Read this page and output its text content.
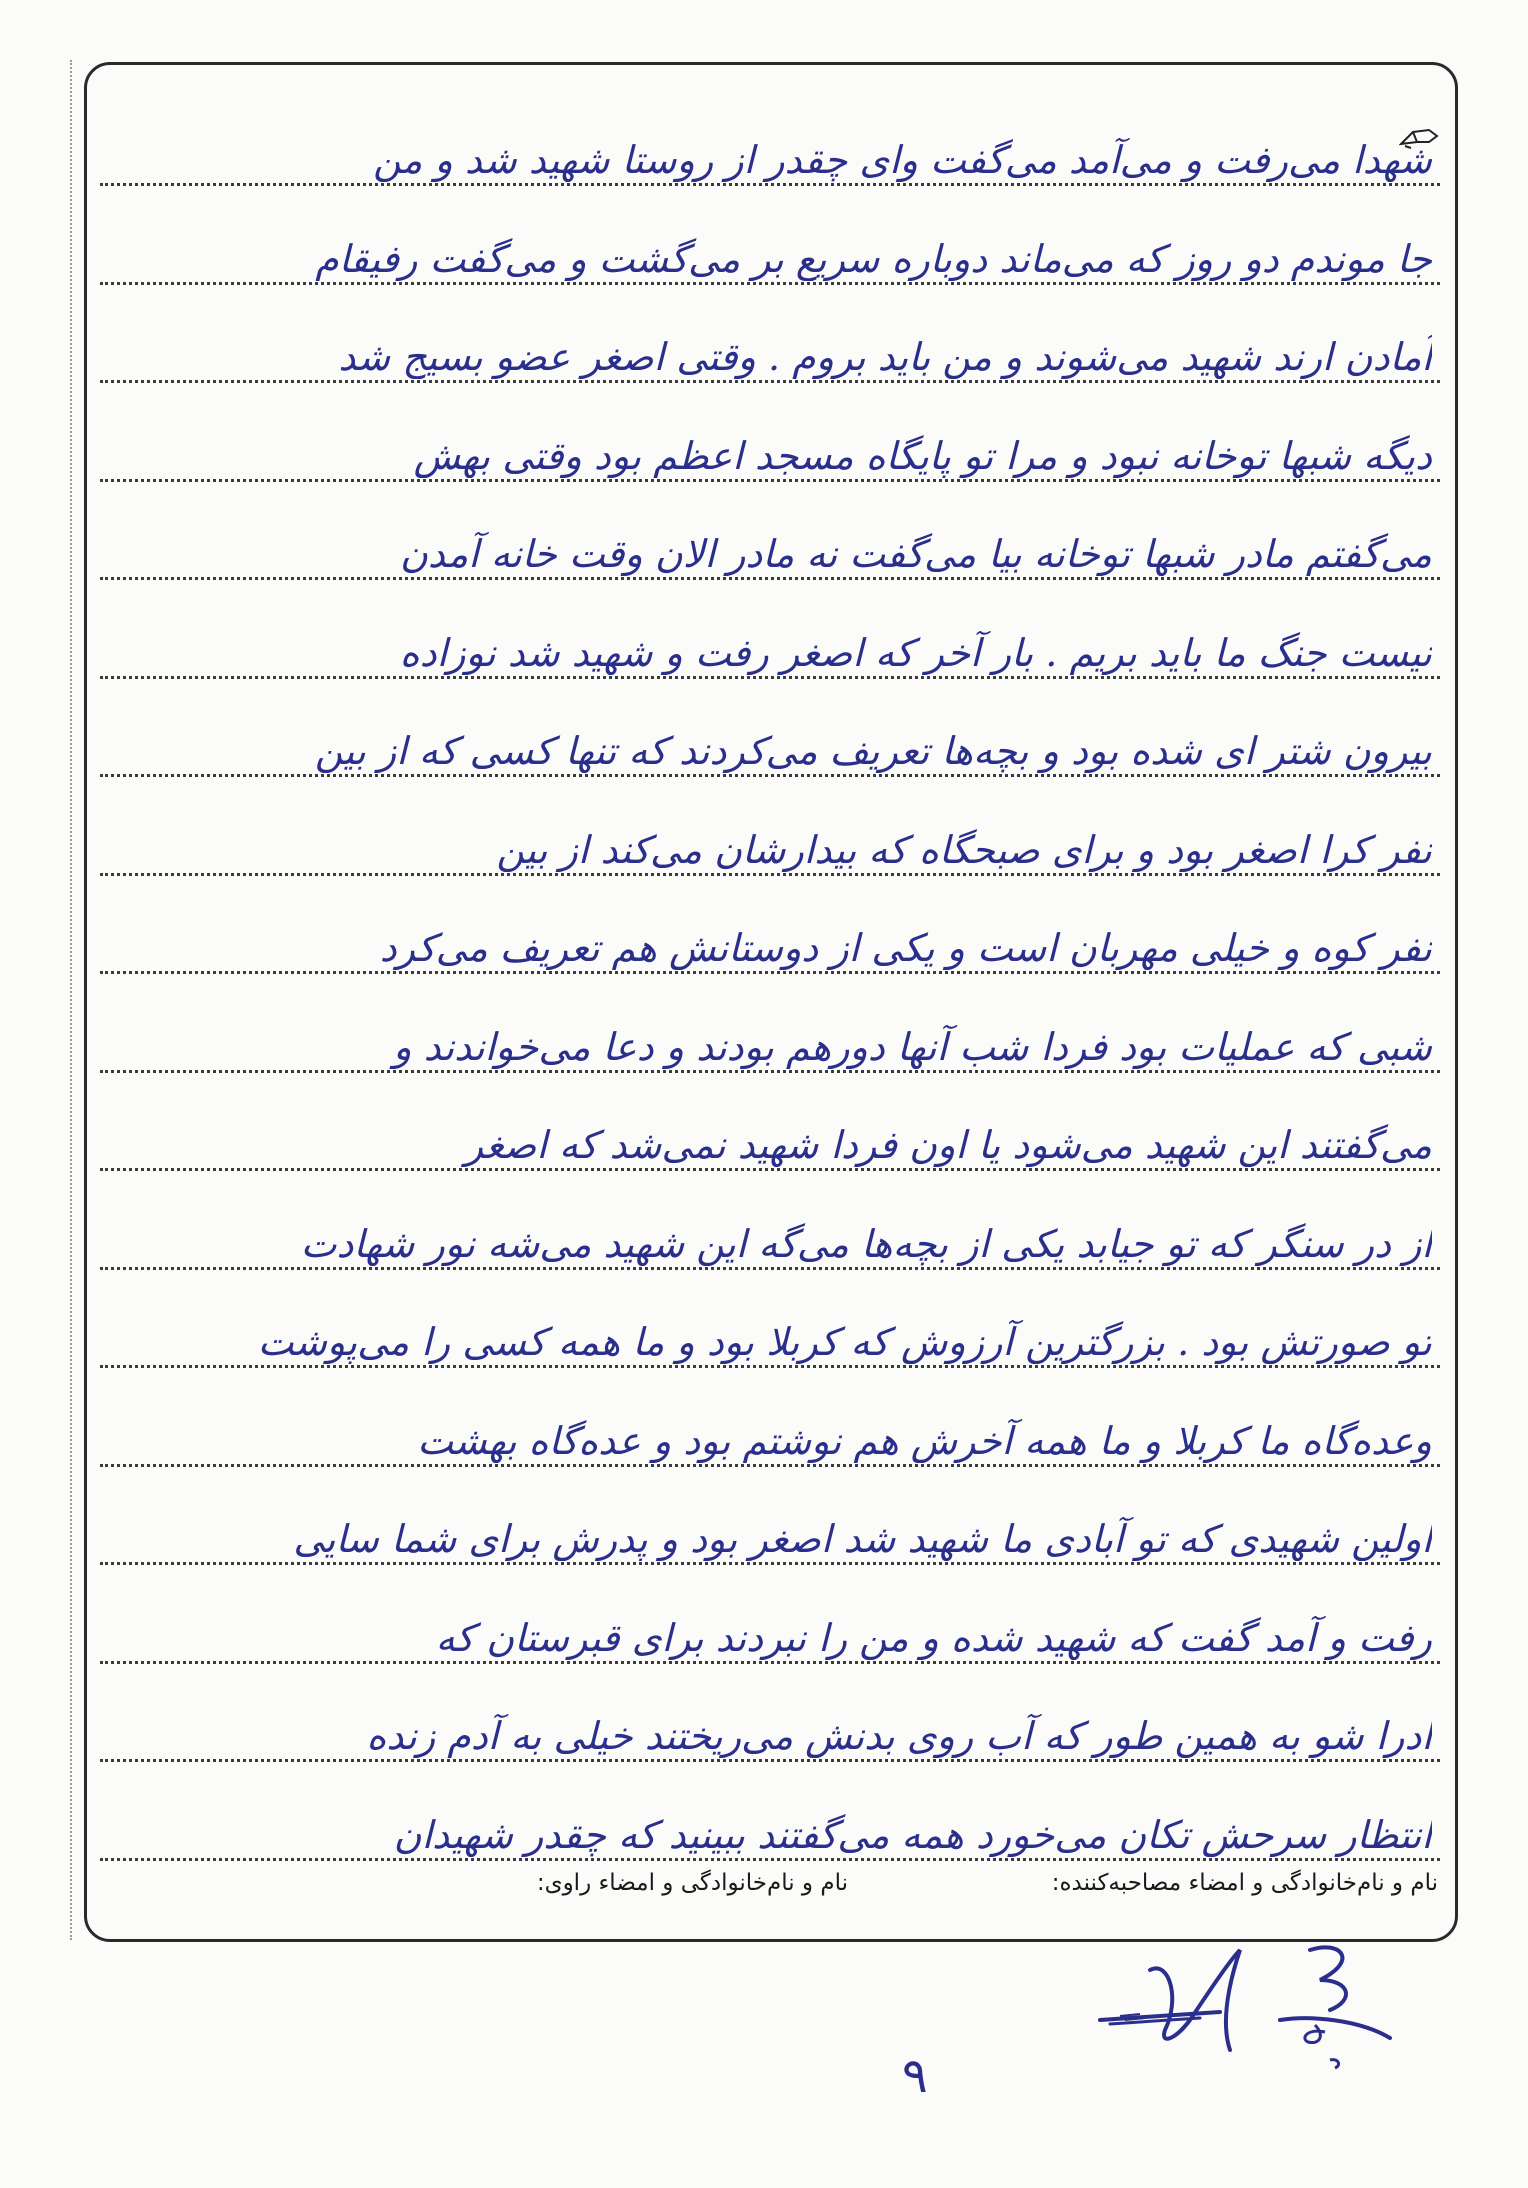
شهدا می‌رفت و می‌آمد می‌گفت وای چقدر از روستا شهید شد و من
جا موندم دو روز که می‌ماند دوباره سریع بر می‌گشت و می‌گفت رفیقام
آمادن ارند شهید می‌شوند و من باید بروم . وقتی اصغر عضو بسیج شد
دیگه شبها توخانه نبود و مرا تو پایگاه مسجد اعظم بود وقتی بهش
می‌گفتم مادر شبها توخانه بیا می‌گفت نه مادر الان وقت خانه آمدن
نیست جنگ ما باید بریم . بار آخر که اصغر رفت و شهید شد نوزاده
بیرون شتر ای شده بود و بچه‌ها تعریف می‌کردند که تنها کسی که از بین
نفر کرا اصغر بود و برای صبحگاه که بیدارشان می‌کند از بین
نفر کوه و خیلی مهربان است و یکی از دوستانش هم تعریف می‌کرد
شبی که عملیات بود فردا شب آنها دورهم بودند و دعا می‌خواندند و
می‌گفتند این شهید می‌شود یا اون فردا شهید نمی‌شد که اصغر
از در سنگر که تو جیابد یکی از بچه‌ها می‌گه این شهید می‌شه نور شهادت
تو صورتش بود . بزرگترین آرزوش که کربلا بود و ما همه کسی را می‌پوشت
وعده‌گاه ما کربلا و ما همه آخرش هم نوشتم بود و عده‌گاه بهشت
اولین شهیدی که تو آبادی ما شهید شد اصغر بود و پدرش برای شما سایی
رفت و آمد گفت که شهید شده و من را نبردند برای قبرستان که
ادرا شو به همین طور که آب روی بدنش می‌ریختند خیلی به آدم زنده
انتظار سرحش تکان می‌خورد همه می‌گفتند ببینید که چقدر شهیدان
نام و نام‌خانوادگی و امضاء مصاحبه‌کننده:
نام و نام‌خانوادگی و امضاء راوی:
۹
